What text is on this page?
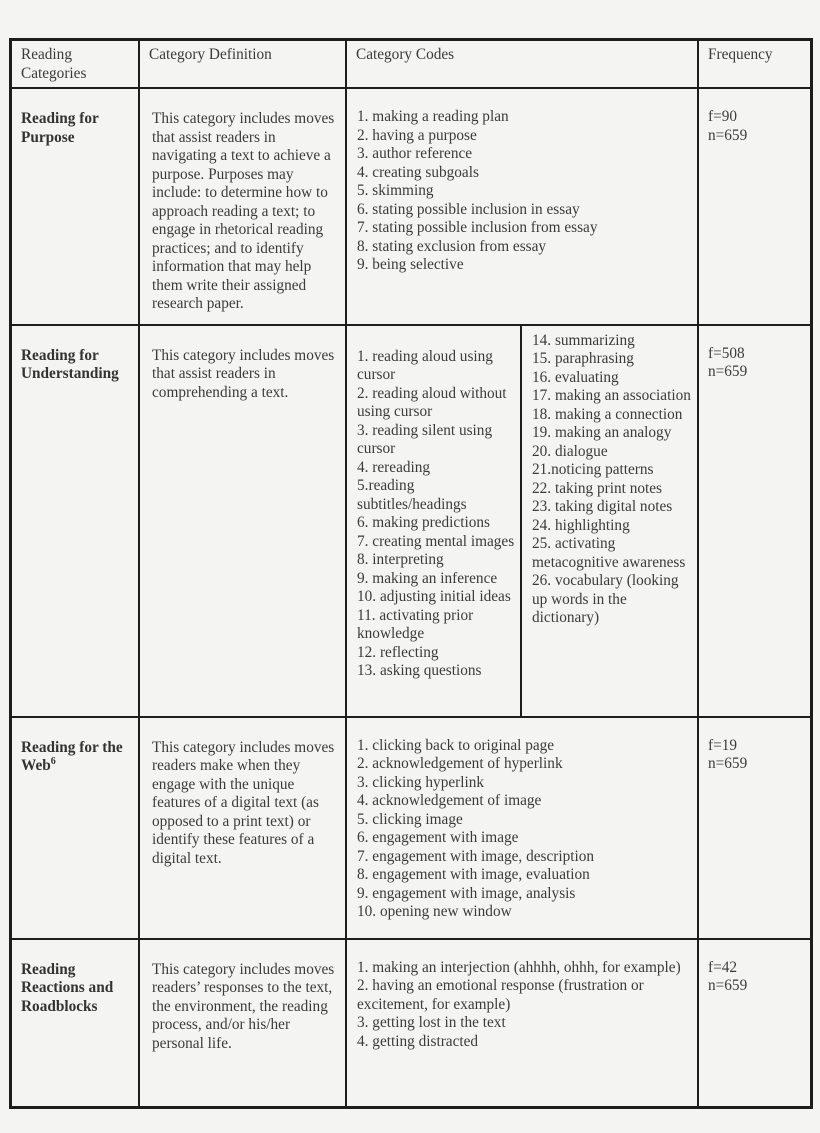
Reading Categories
Category Definition	Category Codes	Frequency
Reading for Purpose
This category includes moves that assist readers in navigating a text to achieve a purpose. Purposes may include: to determine how to approach reading a text; to engage in rhetorical reading practices; and to identify information that may help them write their assigned research paper.
1. making a reading plan
2. having a purpose
3. author reference
4. creating subgoals
5. skimming
6. stating possible inclusion in essay
7. stating possible inclusion from essay
8. stating exclusion from essay
9. being selective
f=90
n=659
Reading for Understanding
This category includes moves that assist readers in comprehending a text.
1. reading aloud using cursor
2. reading aloud without using cursor
3. reading silent using cursor
4. rereading
5.reading subtitles/headings
6. making predictions
7. creating mental images
8. interpreting
9. making an inference
10. adjusting initial ideas
11. activating prior knowledge
12. reflecting
13. asking questions
14. summarizing
15. paraphrasing
16. evaluating
17. making an association
18. making a connection
19. making an analogy
20. dialogue
21.noticing patterns
22. taking print notes
23. taking digital notes
24. highlighting
25. activating metacognitive awareness
26. vocabulary (looking up words in the dictionary)
f=508
n=659
Reading for the Web$^6$
This category includes moves readers make when they engage with the unique features of a digital text (as opposed to a print text) or identify these features of a digital text.
1. clicking back to original page
2. acknowledgement of hyperlink
3. clicking hyperlink
4. acknowledgement of image
5. clicking image
6. engagement with image
7. engagement with image, description
8. engagement with image, evaluation
9. engagement with image, analysis
10. opening new window
f=19
n=659
Reading Reactions and Roadblocks
This category includes moves readers’ responses to the text, the environment, the reading process, and/or his/her personal life.
1. making an interjection (ahhhh, ohhh, for example)
2. having an emotional response (frustration or excitement, for example)
3. getting lost in the text
4. getting distracted
f=42
n=659
